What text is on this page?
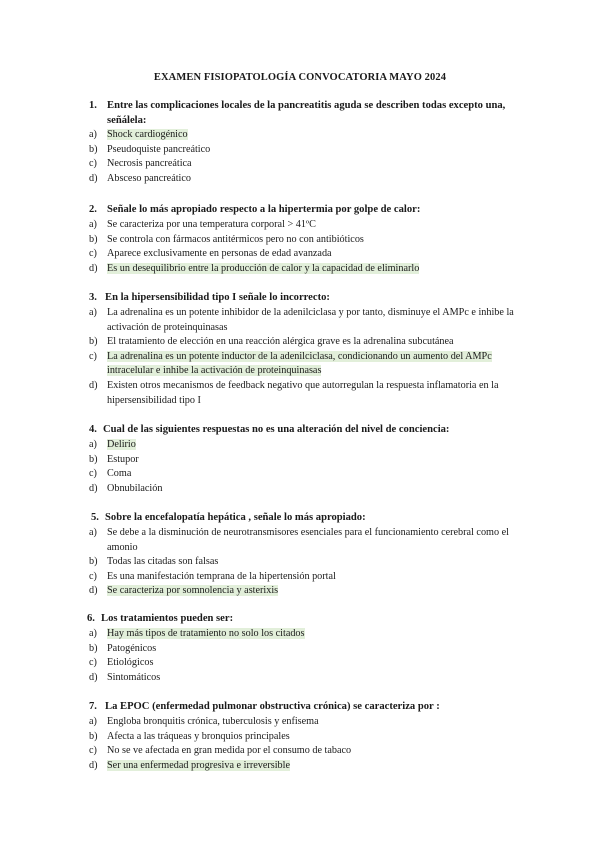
EXAMEN FISIOPATOLOGÍA CONVOCATORIA MAYO 2024
1. Entre las complicaciones locales de la pancreatitis aguda se describen todas excepto una, señálela:
a) Shock cardiogénico
b) Pseudoquiste pancreático
c) Necrosis pancreática
d) Absceso pancreático
2. Señale lo más apropiado respecto a la hipertermia por golpe de calor:
a) Se caracteriza por una temperatura corporal > 41ºC
b) Se controla con fármacos antitérmicos pero no con antibióticos
c) Aparece exclusivamente en personas de edad avanzada
d) Es un desequilibrio entre la producción de calor y la capacidad de eliminarlo
3. En la hipersensibilidad tipo I señale lo incorrecto:
a) La adrenalina es un potente inhibidor de la adenilciclasa y por tanto, disminuye el AMPc e inhibe la activación de proteinquinasas
b) El tratamiento de elección en una reacción alérgica grave es la adrenalina subcutánea
c) La adrenalina es un potente inductor de la adenilciclasa, condicionando un aumento del AMPc intracelular e inhibe la activación de proteinquinasas
d) Existen otros mecanismos de feedback negativo que autorregulan la respuesta inflamatoria en la hipersensibilidad tipo I
4. Cual de las siguientes respuestas no es una alteración del nivel de conciencia:
a) Delirio
b) Estupor
c) Coma
d) Obnubilación
5. Sobre la encefalopatía hepática , señale lo más apropiado:
a) Se debe a la disminución de neurotransmisores esenciales para el funcionamiento cerebral como el amonio
b) Todas las citadas son falsas
c) Es una manifestación temprana de la hipertensión portal
d) Se caracteriza por somnolencia y asterixis
6. Los tratamientos pueden ser:
a) Hay más tipos de tratamiento no solo los citados
b) Patogénicos
c) Etiológicos
d) Sintomáticos
7. La EPOC (enfermedad pulmonar obstructiva crónica) se caracteriza por :
a) Engloba bronquitis crónica, tuberculosis y enfisema
b) Afecta a las tráqueas y bronquios principales
c) No se ve afectada en gran medida por el consumo de tabaco
d) Ser una enfermedad progresiva e irreversible
